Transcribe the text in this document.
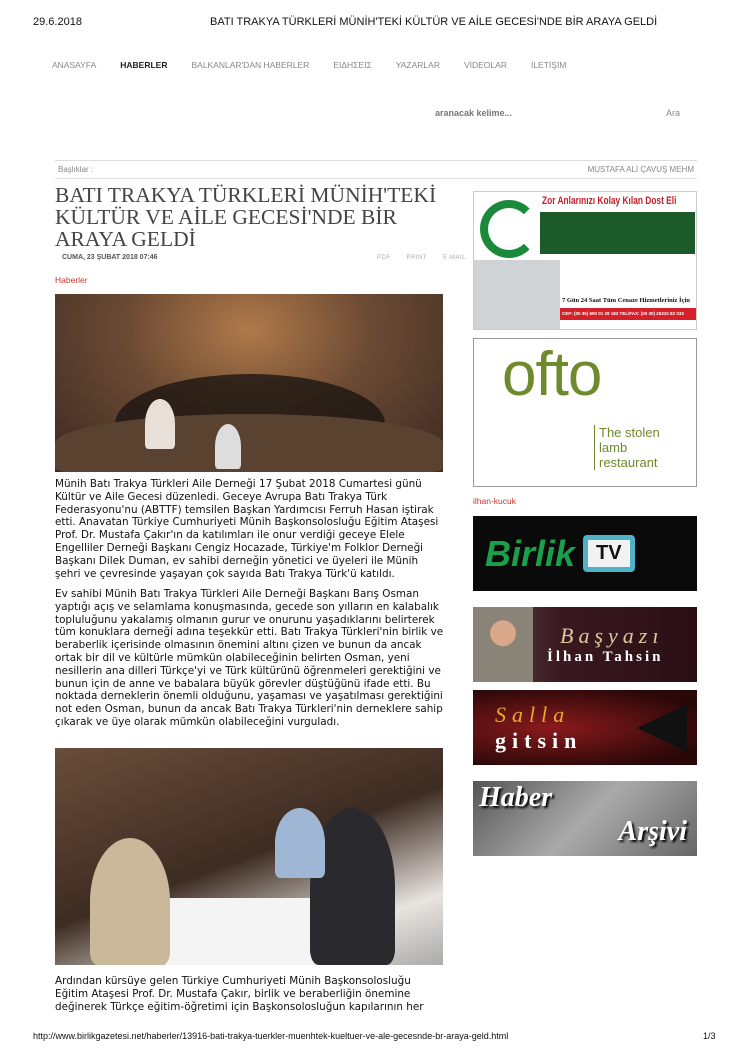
29.6.2018	BATI TRAKYA TÜRKLERİ MÜNİH'TEKİ KÜLTÜR VE AİLE GECESİ'NDE BİR ARAYA GELDİ
ANASAYFA	HABERLER	BALKANLAR'DAN HABERLER	ΕΙΔΗΣΕΙΣ	YAZARLAR	VİDEOLAR	İLETİŞİM
aranacak kelime...	Ara
Başlıklar :	MUSTAFA ALİ ÇAVUŞ MEHM
BATI TRAKYA TÜRKLERİ MÜNİH'TEKİ KÜLTÜR VE AİLE GECESİ'NDE BİR ARAYA GELDİ
CUMA, 23 ŞUBAT 2018 07:46	PDF	PRINT	E-MAIL
Haberler
Münih Batı Trakya Türkleri Aile Derneği 17 Şubat 2018 Cumartesi günü Kültür ve Aile Gecesi düzenledi. Geceye Avrupa Batı Trakya Türk Federasyonu'nu (ABTTF) temsilen Başkan Yardımcısı Ferruh Hasan iştirak etti. Anavatan Türkiye Cumhuriyeti Münih Başkonsolosluğu Eğitim Ataşesi Prof. Dr. Mustafa Çakır'ın da katılımları ile onur verdiği geceye Elele Engelliler Derneği Başkanı Cengiz Hocazade, Türkiye'm Folklor Derneği Başkanı Dilek Duman, ev sahibi derneğin yönetici ve üyeleri ile Münih şehri ve çevresinde yaşayan çok sayıda Batı Trakya Türk'ü katıldı.
Ev sahibi Münih Batı Trakya Türkleri Aile Derneği Başkanı Barış Osman yaptığı açış ve selamlama konuşmasında, gecede son yılların en kalabalık topluluğunu yakalamış olmanın gurur ve onurunu yaşadıklarını belirterek tüm konuklara derneği adına teşekkür etti. Batı Trakya Türkleri'nin birlik ve beraberlik içerisinde olmasının önemini altını çizen ve bunun da ancak ortak bir dil ve kültürle mümkün olabileceğinin belirten Osman, yeni nesillerin ana dilleri Türkçe'yi ve Türk kültürünü öğrenmeleri gerektiğini ve bunun için de anne ve babalara büyük görevler düştüğünü ifade etti. Bu noktada derneklerin önemli olduğunu, yaşaması ve yaşatılması gerektiğini not eden Osman, bunun da ancak Batı Trakya Türkleri'nin derneklere sahip çıkarak ve üye olarak mümkün olabileceğini vurguladı.
Ardından kürsüye gelen Türkiye Cumhuriyeti Münih Başkonsolosluğu Eğitim Ataşesi Prof. Dr. Mustafa Çakır, birlik ve beraberliğin önemine değinerek Türkçe eğitim-öğretimi için Başkonsolosluğun kapılarının her
Zor Anlarınızı Kolay Kılan Dost Eli
7 Gün 24 Saat Tüm Cenaze Hizmetleriniz İçin
CEP: (00 30) 690 01 29 183 TEL/FAX: (00 30) 25310 83 033
ofto
The stolen lamb restaurant
ilhan-kucuk
Birlik	TV
Başyazı
İlhan Tahsin
Salla
gitsin
Haber
Arşivi
http://www.birlikgazetesi.net/haberler/13916-bati-trakya-tuerkler-muenhtek-kueltuer-ve-ale-gecesnde-br-araya-geld.html	1/3
